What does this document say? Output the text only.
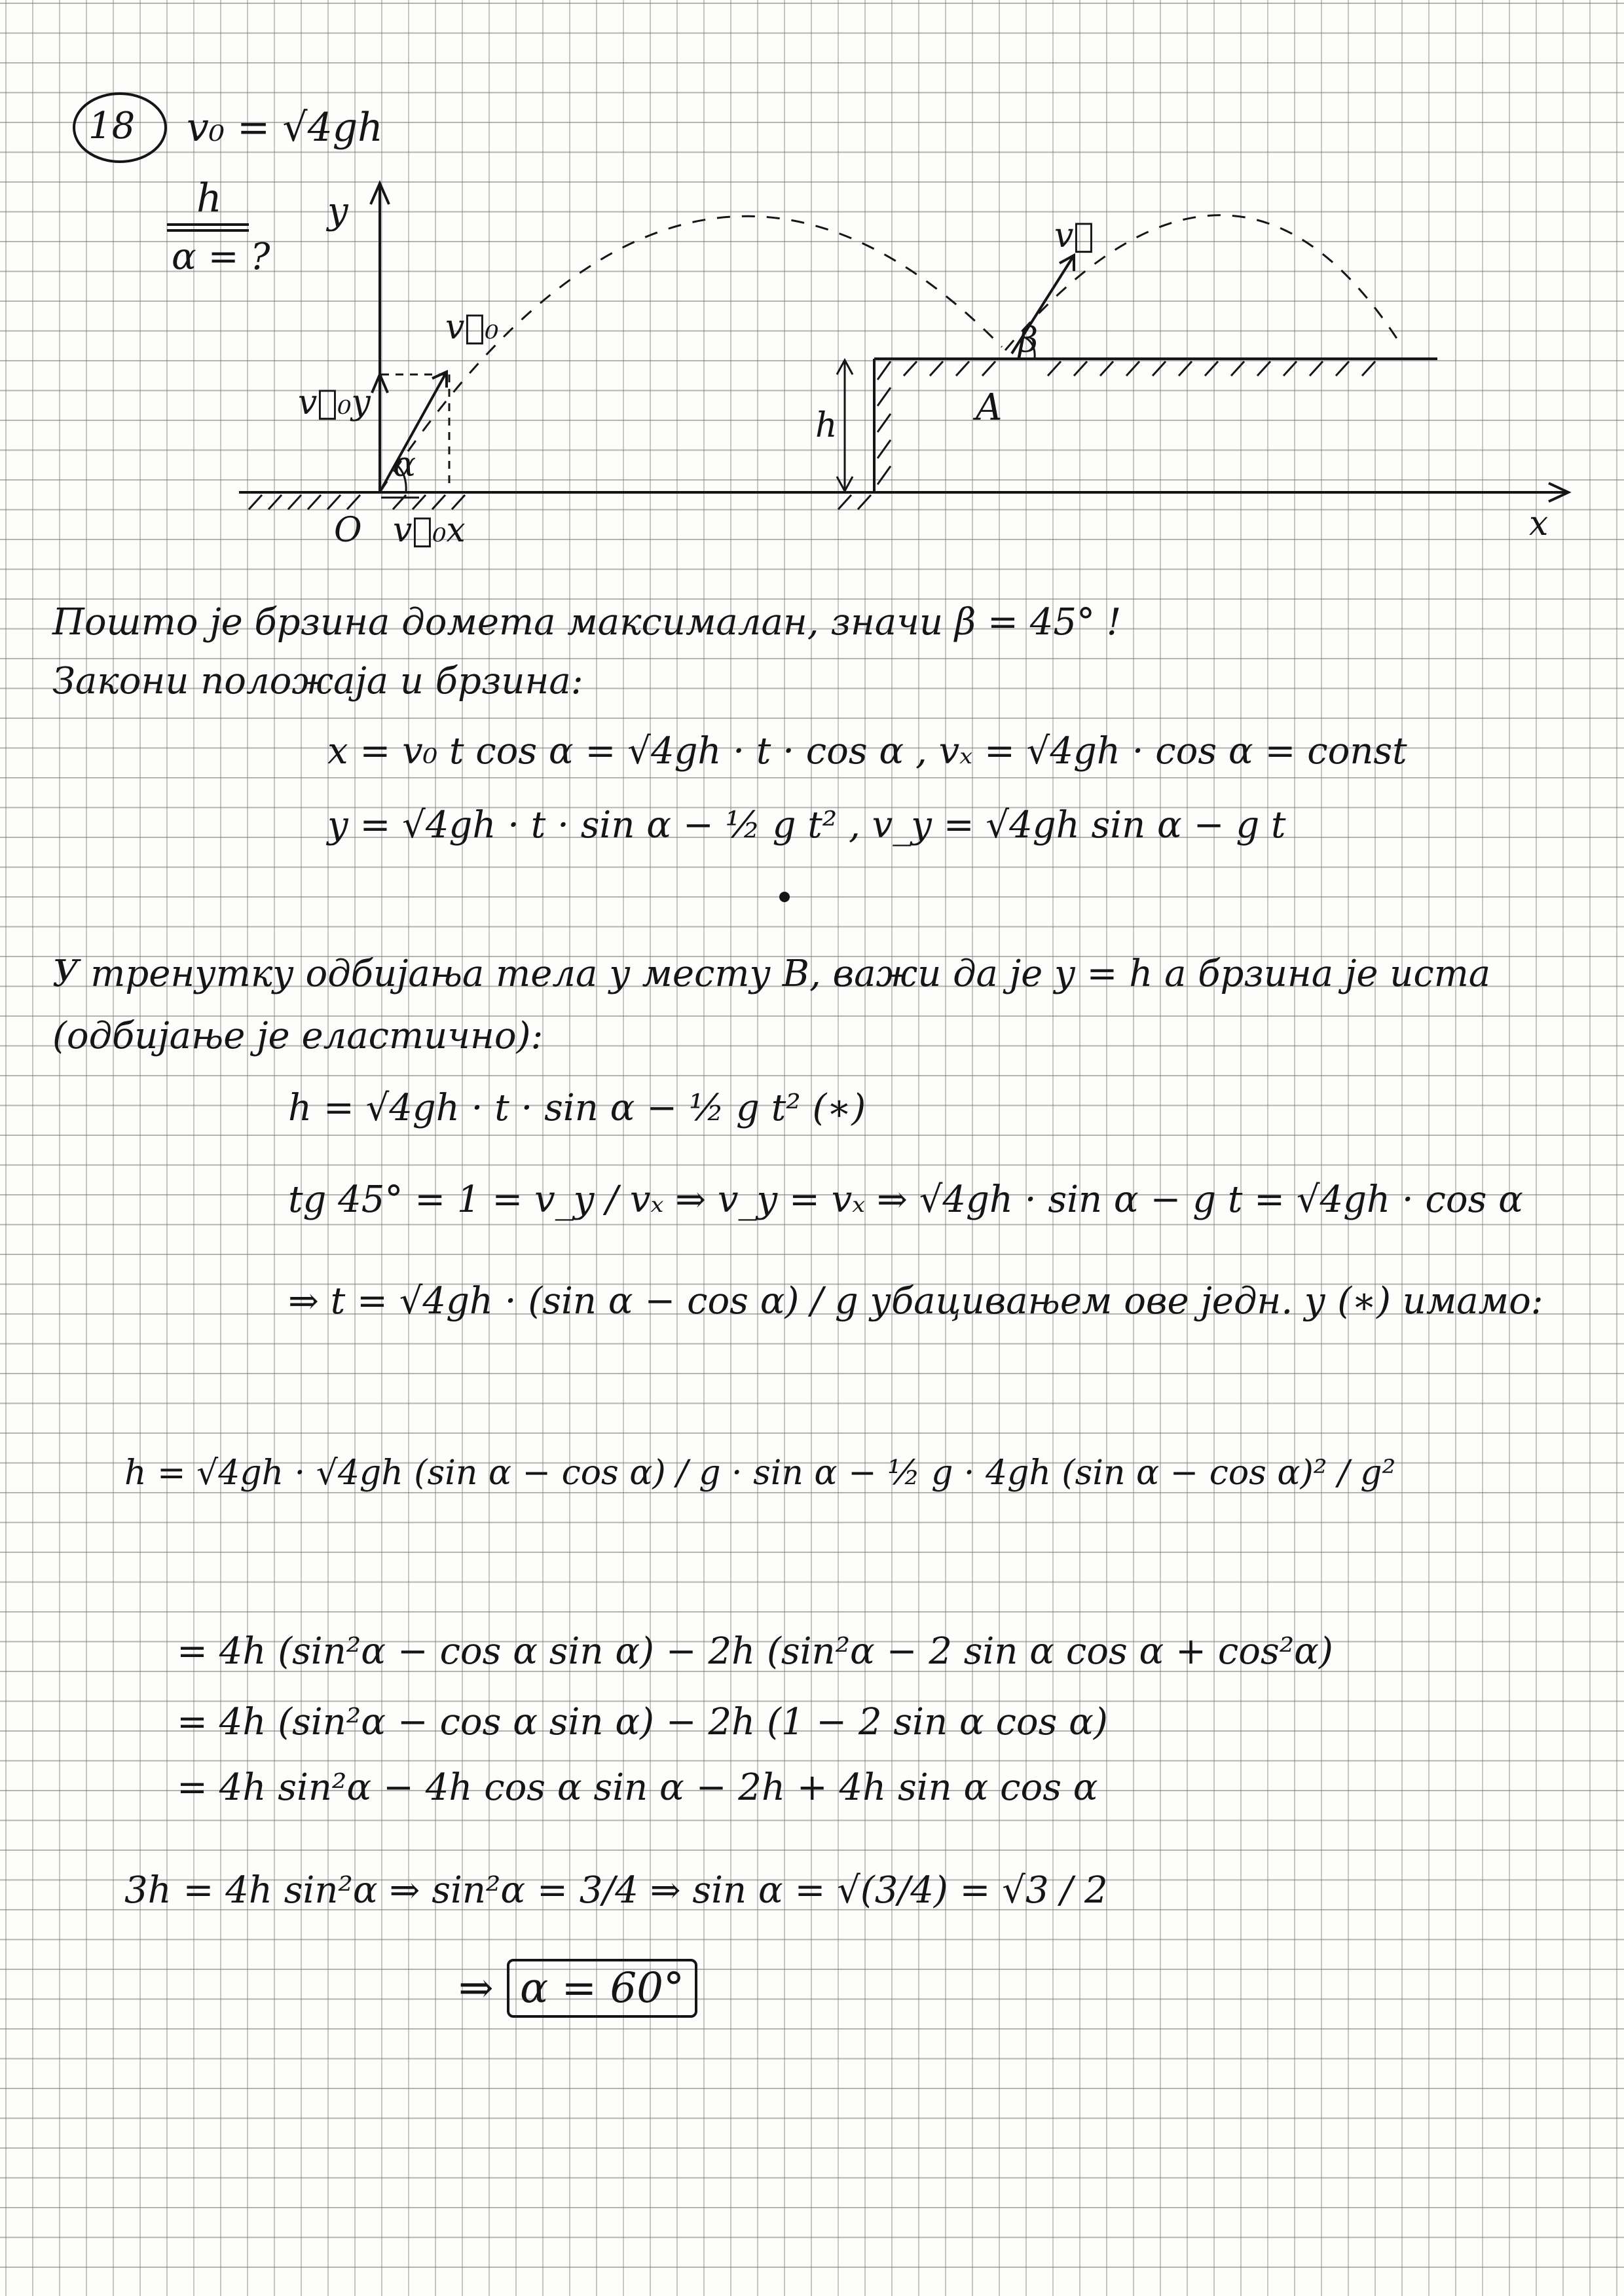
18 v₀ = √4gh
h
α = ?
y
x
O
v⃗₀
v⃗₀y
v⃗₀x
α
h	A
v⃗
β
Пошто је брзина домета максималан, значи β = 45° !
Закони положаја и брзина:
x = v₀ t cos α = √4gh · t · cos α , vₓ = √4gh · cos α = const
y = √4gh · t · sin α − ½ g t² , v_y = √4gh sin α − g t
У тренутку одбијања тела у месту B, важи да је y = h а брзина је иста
(одбијање је еластично):
h = √4gh · t · sin α − ½ g t² (∗)
tg 45° = 1 = v_y / vₓ ⇒ v_y = vₓ ⇒ √4gh · sin α − g t = √4gh · cos α
⇒ t = √4gh · (sin α − cos α) / g убацивањем ове једн. у (∗) имамо:
h = √4gh · √4gh (sin α − cos α) / g · sin α − ½ g · 4gh (sin α − cos α)² / g²
= 4h (sin²α − cos α sin α) − 2h (sin²α − 2 sin α cos α + cos²α)
= 4h (sin²α − cos α sin α) − 2h (1 − 2 sin α cos α)
= 4h sin²α − 4h cos α sin α − 2h + 4h sin α cos α
3h = 4h sin²α ⇒ sin²α = 3/4 ⇒ sin α = √(3/4) = √3 / 2
⇒ α = 60°
